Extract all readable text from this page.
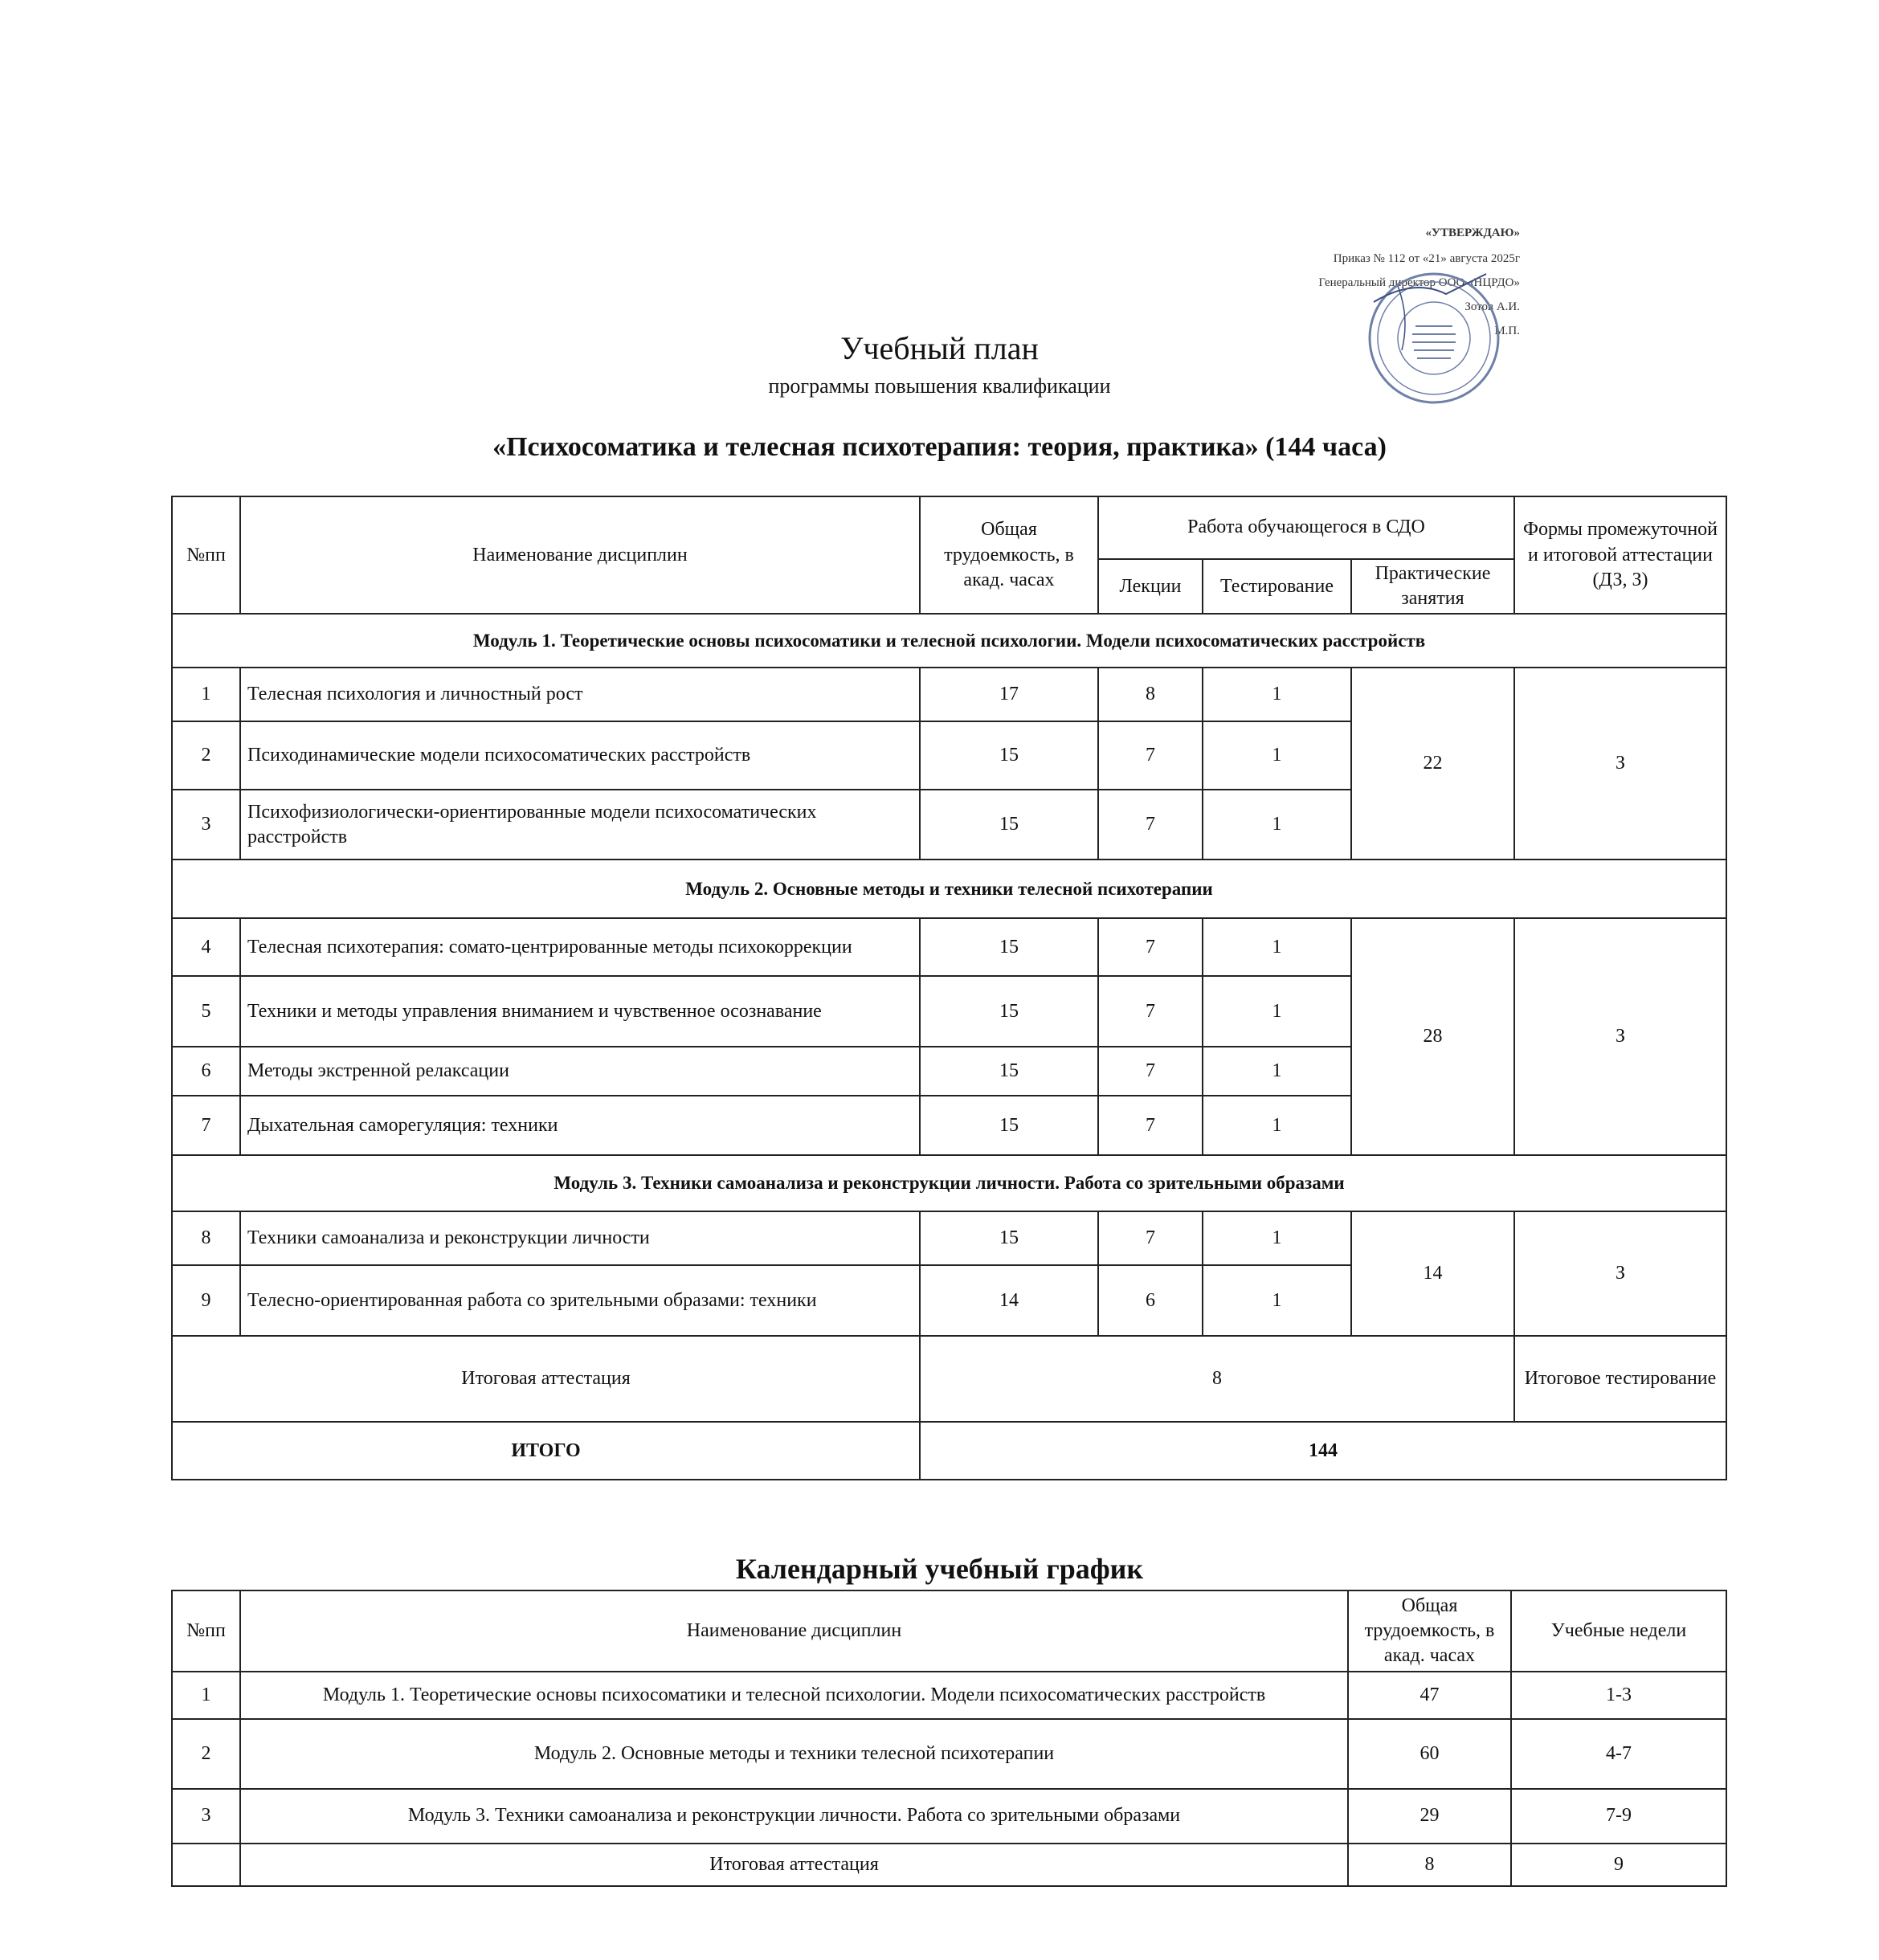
«УТВЕРЖДАЮ»
Приказ № 112 от «21» августа 2025г
Генеральный директор ООО «НЦРДО»
Зотов А.И.
М.П.
Учебный план
программы повышения квалификации
«Психосоматика и телесная психотерапия: теория, практика» (144 часа)
№пп	Наименование дисциплин	Общая трудоемкость, в акад. часах	Работа обучающегося в СДО			Формы промежуточной и итоговой аттестации (ДЗ, З)
			Лекции	Тестирование	Практические занятия	
Модуль 1. Теоретические основы психосоматики и телесной психологии. Модели психосоматических расстройств						
1	Телесная психология и личностный рост	17	8	1	22	З
2	Психодинамические модели психосоматических расстройств	15	7	1		
3	Психофизиологически-ориентированные модели психосоматических расстройств	15	7	1		
Модуль 2. Основные методы и техники телесной психотерапии						
4	Телесная психотерапия: сомато-центрированные методы психокоррекции	15	7	1	28	З
5	Техники и методы управления вниманием и чувственное осознавание	15	7	1		
6	Методы экстренной релаксации	15	7	1		
7	Дыхательная саморегуляция: техники	15	7	1		
Модуль 3. Техники самоанализа и реконструкции личности. Работа со зрительными образами						
8	Техники самоанализа и реконструкции личности	15	7	1	14	З
9	Телесно-ориентированная работа со зрительными образами: техники	14	6	1		
Итоговая аттестация		8				Итоговое тестирование
ИТОГО		144				
Календарный учебный график
№пп	Наименование дисциплин	Общая трудоемкость, в акад. часах	Учебные недели
1	Модуль 1. Теоретические основы психосоматики и телесной психологии. Модели психосоматических расстройств	47	1-3
2	Модуль 2. Основные методы и техники телесной психотерапии	60	4-7
3	Модуль 3. Техники самоанализа и реконструкции личности. Работа со зрительными образами	29	7-9
	Итоговая аттестация	8	9
